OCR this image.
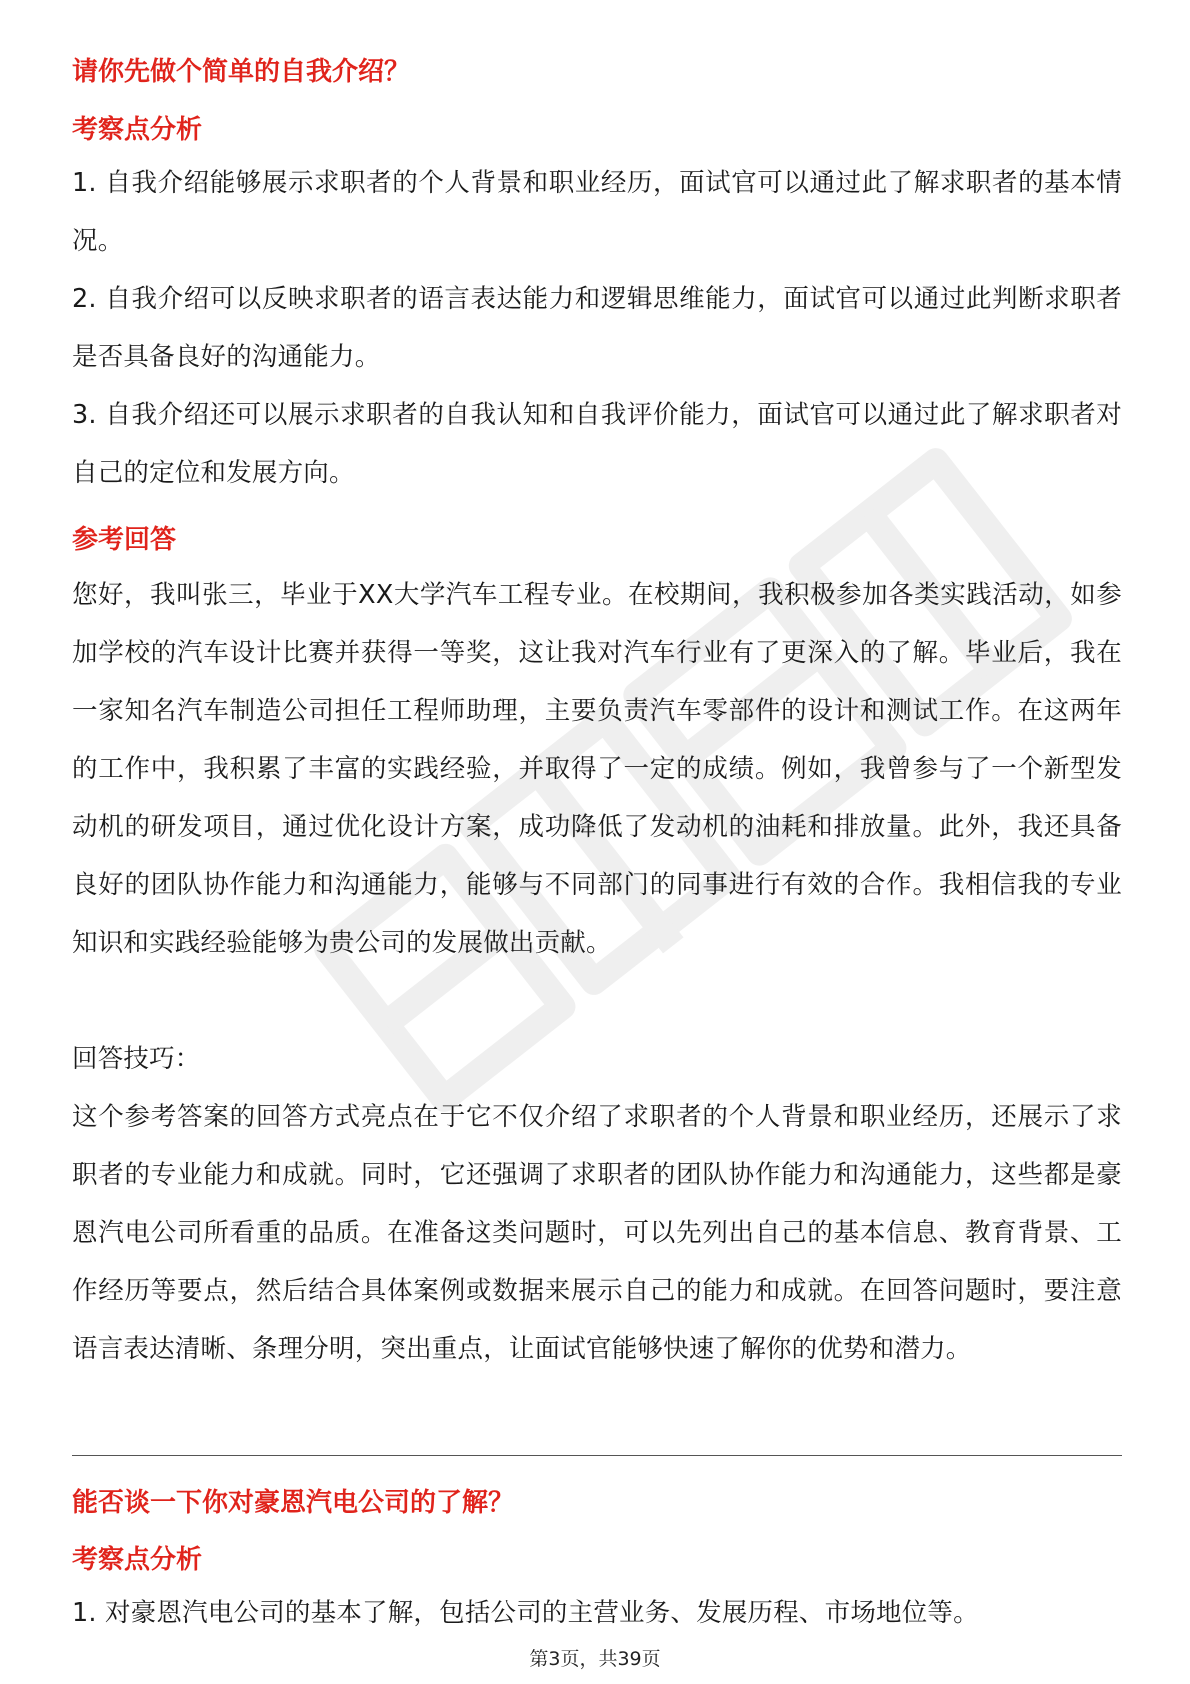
请你先做个简单的自我介绍？

考察点分析

1. 自我介绍能够展示求职者的个人背景和职业经历，面试官可以通过此了解求职者的基本情况。

2. 自我介绍可以反映求职者的语言表达能力和逻辑思维能力，面试官可以通过此判断求职者是否具备良好的沟通能力。

3. 自我介绍还可以展示求职者的自我认知和自我评价能力，面试官可以通过此了解求职者对自己的定位和发展方向。

参考回答

您好，我叫张三，毕业于XX大学汽车工程专业。在校期间，我积极参加各类实践活动，如参加学校的汽车设计比赛并获得一等奖，这让我对汽车行业有了更深入的了解。毕业后，我在一家知名汽车制造公司担任工程师助理，主要负责汽车零部件的设计和测试工作。在这两年的工作中，我积累了丰富的实践经验，并取得了一定的成绩。例如，我曾参与了一个新型发动机的研发项目，通过优化设计方案，成功降低了发动机的油耗和排放量。此外，我还具备良好的团队协作能力和沟通能力，能够与不同部门的同事进行有效的合作。我相信我的专业知识和实践经验能够为贵公司的发展做出贡献。

回答技巧：

这个参考答案的回答方式亮点在于它不仅介绍了求职者的个人背景和职业经历，还展示了求职者的专业能力和成就。同时，它还强调了求职者的团队协作能力和沟通能力，这些都是豪恩汽电公司所看重的品质。在准备这类问题时，可以先列出自己的基本信息、教育背景、工作经历等要点，然后结合具体案例或数据来展示自己的能力和成就。在回答问题时，要注意语言表达清晰、条理分明，突出重点，让面试官能够快速了解你的优势和潜力。

能否谈一下你对豪恩汽电公司的了解？

考察点分析

1. 对豪恩汽电公司的基本了解，包括公司的主营业务、发展历程、市场地位等。

第3页，共39页
